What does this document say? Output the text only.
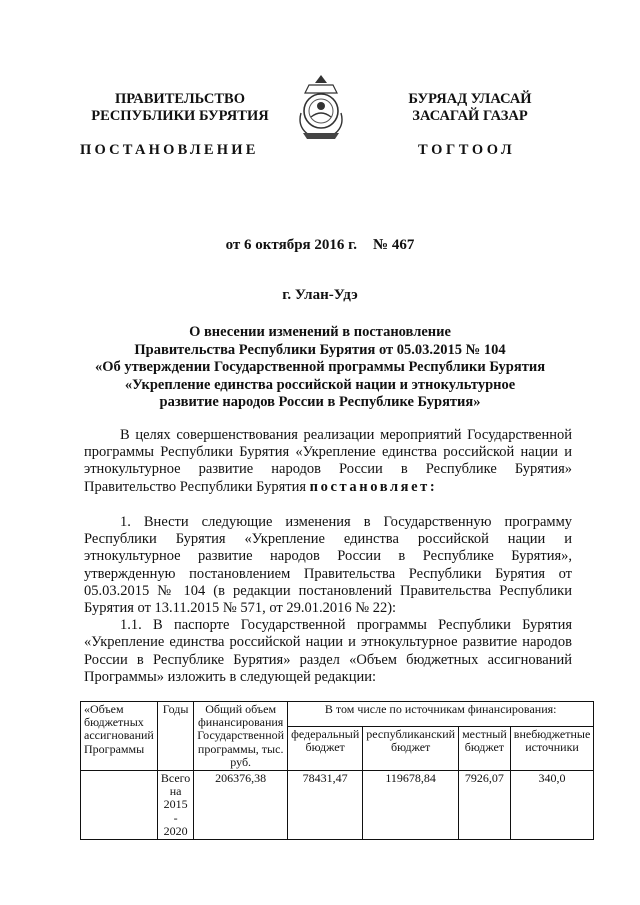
ПРАВИТЕЛЬСТВО
РЕСПУБЛИКИ БУРЯТИЯ
БУРЯАД УЛАСАЙ
ЗАСАГАЙ ГАЗАР
ПОСТАНОВЛЕНИЕ	ТОГТООЛ
от 6 октября 2016 г. № 467
г. Улан-Удэ
О внесении изменений в постановление
Правительства Республики Бурятия от 05.03.2015 № 104
«Об утверждении Государственной программы Республики Бурятия
«Укрепление единства российской нации и этнокультурное
развитие народов России в Республике Бурятия»

В целях совершенствования реализации мероприятий Государственной программы Республики Бурятия «Укрепление единства российской нации и этнокультурное развитие народов России в Республике Бурятия» Правительство Республики Бурятия постановляет:

1. Внести следующие изменения в Государственную программу Республики Бурятия «Укрепление единства российской нации и этнокультурное развитие народов России в Республике Бурятия», утвержденную постановлением Правительства Республики Бурятия от 05.03.2015 № 104 (в редакции постановлений Правительства Республики Бурятия от 13.11.2015 № 571, от 29.01.2016 № 22):

1.1. В паспорте Государственной программы Республики Бурятия «Укрепление единства российской нации и этнокультурное развитие народов России в Республике Бурятия» раздел «Объем бюджетных ассигнований Программы» изложить в следующей редакции:

«Объем бюджетных ассигнований Программы	Годы	Общий объем финансирования Государственной программы, тыс. руб.	В том числе по источникам финансирования:			
			федеральный бюджет	республиканский бюджет	местный бюджет	внебюджетные источники
	Всего на 2015 - 2020	206376,38	78431,47	119678,84	7926,07	340,0
